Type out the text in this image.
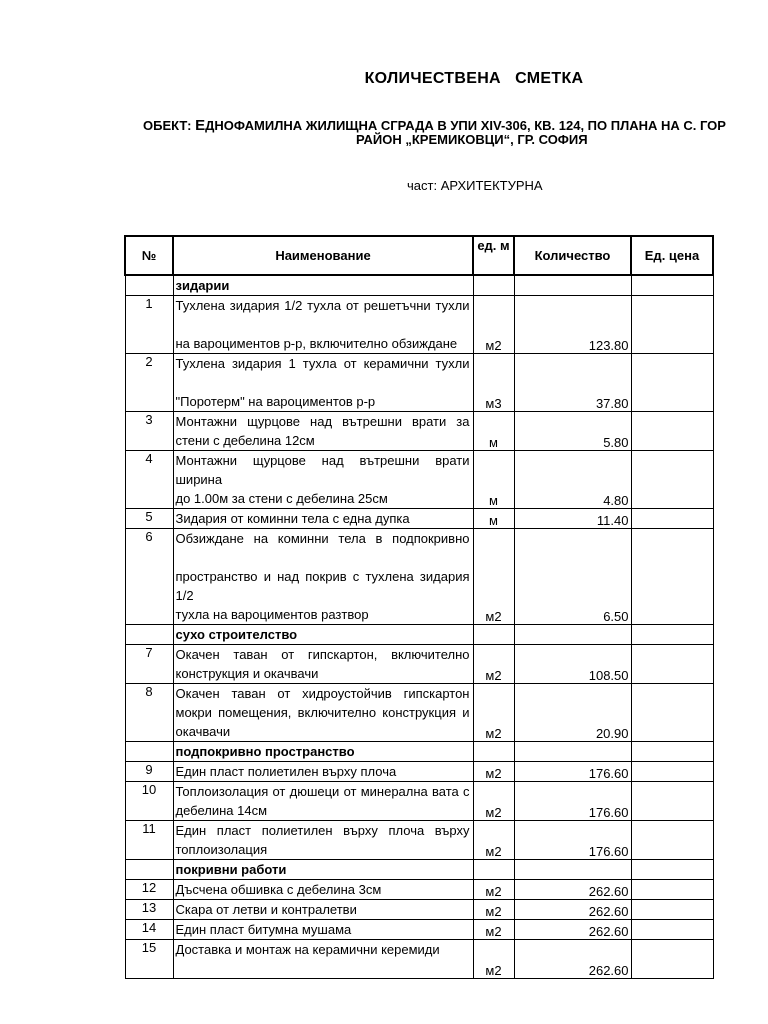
КОЛИЧЕСТВЕНА   СМЕТКА
ОБЕКТ: ЕДНОФАМИЛНА ЖИЛИЩНА СГРАДА В УПИ XIV-306, КВ. 124, ПО ПЛАНА НА С. ГОР
РАЙОН „КРЕМИКОВЦИ“, ГР. СОФИЯ
част: АРХИТЕКТУРНА
№	Наименование	ед. м	Количество	Ед. цена

	зидарии			

1	Тухлена зидария 1/2 тухла от решетъчни тухли
на вароциментов р-р, включително обзиждане	м2	123.80	
2	Тухлена зидария 1 тухла от керамични тухли
"Поротерм" на вароциментов р-р	м3	37.80	
3	Монтажни щурцове над вътрешни врати за
стени с дебелина 12см	м	5.80	
4	Монтажни щурцове над вътрешни врати ширина
до 1.00м за стени с дебелина 25см	м	4.80	
5	Зидария от коминни тела с една дупка	м	11.40	
6	Обзиждане на коминни тела в подпокривно
пространство и над покрив с тухлена зидария 1/2
тухла на вароциментов разтвор	м2	6.50	

	сухо строителство			

7	Окачен таван от гипскартон, включително
конструкция и окачвачи	м2	108.50	
8	Окачен таван от хидроустойчив гипскартон
мокри помещения, включително конструкция и
окачвачи	м2	20.90	

	подпокривно пространство			

9	Един пласт полиетилен върху плоча	м2	176.60	
10	Топлоизолация от дюшеци от минерална вата с
дебелина 14см	м2	176.60	
11	Един пласт полиетилен върху плоча върху
топлоизолация	м2	176.60	

	покривни работи			

12	Дъсчена обшивка с дебелина 3см	м2	262.60	
13	Скара от летви и контралетви	м2	262.60	
14	Един пласт битумна мушама	м2	262.60	
15	Доставка и монтаж на керамични керемиди	м2	262.60	
